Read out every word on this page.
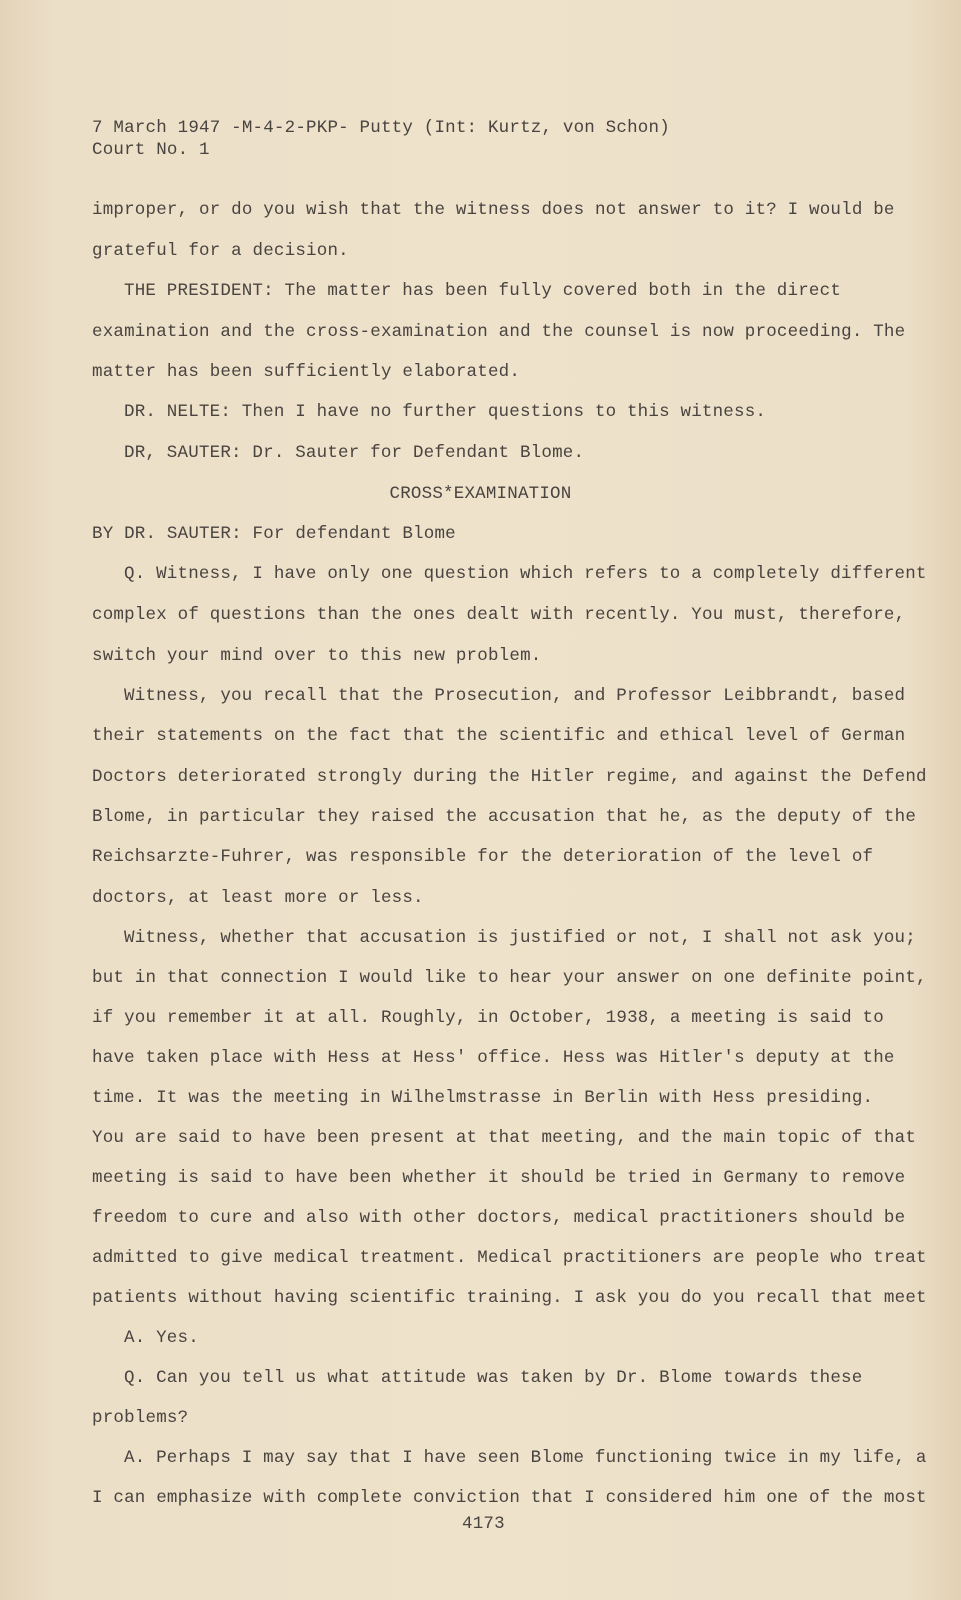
7 March 1947 -M-4-2-PKP- Putty (Int: Kurtz, von Schon)
Court No. 1
improper, or do you wish that the witness does not answer to it? I would be
grateful for a decision.
THE PRESIDENT: The matter has been fully covered both in the direct
examination and the cross-examination and the counsel is now proceeding. The
matter has been sufficiently elaborated.
DR. NELTE: Then I have no further questions to this witness.
DR, SAUTER: Dr. Sauter for Defendant Blome.
CROSS*EXAMINATION
BY DR. SAUTER: For defendant Blome
Q. Witness, I have only one question which refers to a completely different
complex of questions than the ones dealt with recently. You must, therefore,
switch your mind over to this new problem.
Witness, you recall that the Prosecution, and Professor Leibbrandt, based
their statements on the fact that the scientific and ethical level of German
Doctors deteriorated strongly during the Hitler regime, and against the Defend
Blome, in particular they raised the accusation that he, as the deputy of the
Reichsarzte-Fuhrer, was responsible for the deterioration of the level of
doctors, at least more or less.
Witness, whether that accusation is justified or not, I shall not ask you;
but in that connection I would like to hear your answer on one definite point,
if you remember it at all. Roughly, in October, 1938, a meeting is said to
have taken place with Hess at Hess' office. Hess was Hitler's deputy at the
time. It was the meeting in Wilhelmstrasse in Berlin with Hess presiding.
You are said to have been present at that meeting, and the main topic of that
meeting is said to have been whether it should be tried in Germany to remove
freedom to cure and also with other doctors, medical practitioners should be
admitted to give medical treatment. Medical practitioners are people who treat
patients without having scientific training. I ask you do you recall that meet
A. Yes.
Q. Can you tell us what attitude was taken by Dr. Blome towards these
problems?
A. Perhaps I may say that I have seen Blome functioning twice in my life, a
I can emphasize with complete conviction that I considered him one of the most
4173
